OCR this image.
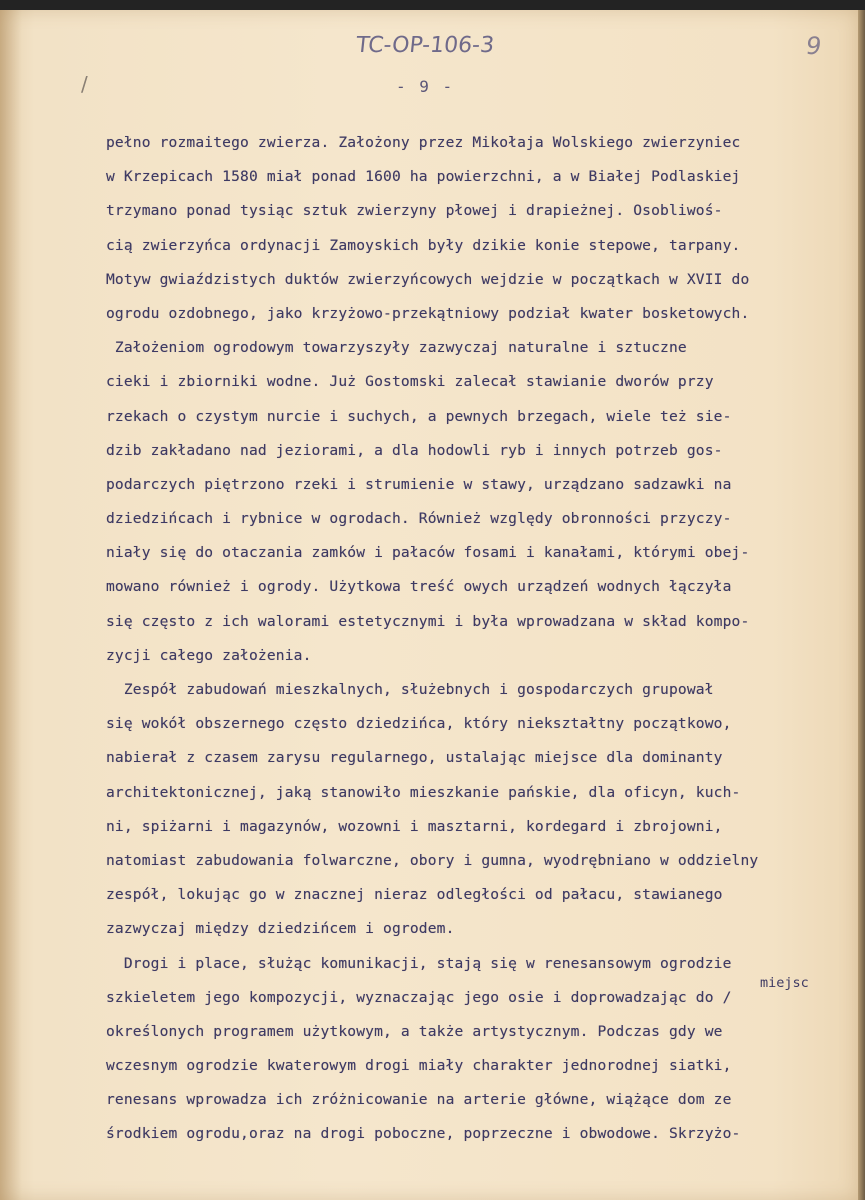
TC-OP-106-3	9
/	- 9 -
pełno rozmaitego zwierza. Założony przez Mikołaja Wolskiego zwierzyniec
w Krzepicach 1580 miał ponad 1600 ha powierzchni, a w Białej Podlaskiej
trzymano ponad tysiąc sztuk zwierzyny płowej i drapieżnej. Osobliwoś-
cią zwierzyńca ordynacji Zamoyskich były dzikie konie stepowe, tarpany.
Motyw gwiaździstych duktów zwierzyńcowych wejdzie w początkach w XVII do
ogrodu ozdobnego, jako krzyżowo-przekątniowy podział kwater bosketowych.
Założeniom ogrodowym towarzyszyły zazwyczaj naturalne i sztuczne
cieki i zbiorniki wodne. Już Gostomski zalecał stawianie dworów przy
rzekach o czystym nurcie i suchych, a pewnych brzegach, wiele też sie-
dzib zakładano nad jeziorami, a dla hodowli ryb i innych potrzeb gos-
podarczych piętrzono rzeki i strumienie w stawy, urządzano sadzawki na
dziedzińcach i rybnice w ogrodach. Również względy obronności przyczy-
niały się do otaczania zamków i pałaców fosami i kanałami, którymi obej-
mowano również i ogrody. Użytkowa treść owych urządzeń wodnych łączyła
się często z ich walorami estetycznymi i była wprowadzana w skład kompo-
zycji całego założenia.
Zespół zabudowań mieszkalnych, służebnych i gospodarczych grupował
się wokół obszernego często dziedzińca, który niekształtny początkowo,
nabierał z czasem zarysu regularnego, ustalając miejsce dla dominanty
architektonicznej, jaką stanowiło mieszkanie pańskie, dla oficyn, kuch-
ni, spiżarni i magazynów, wozowni i masztarni, kordegard i zbrojowni,
natomiast zabudowania folwarczne, obory i gumna, wyodrębniano w oddzielny
zespół, lokując go w znacznej nieraz odległości od pałacu, stawianego
zazwyczaj między dziedzińcem i ogrodem.
Drogi i place, służąc komunikacji, stają się w renesansowym ogrodzie
szkieletem jego kompozycji, wyznaczając jego osie i doprowadzając do /
określonych programem użytkowym, a także artystycznym. Podczas gdy we
wczesnym ogrodzie kwaterowym drogi miały charakter jednorodnej siatki,
renesans wprowadza ich zróżnicowanie na arterie główne, wiążące dom ze
środkiem ogrodu,oraz na drogi poboczne, poprzeczne i obwodowe. Skrzyżo-
miejsc
